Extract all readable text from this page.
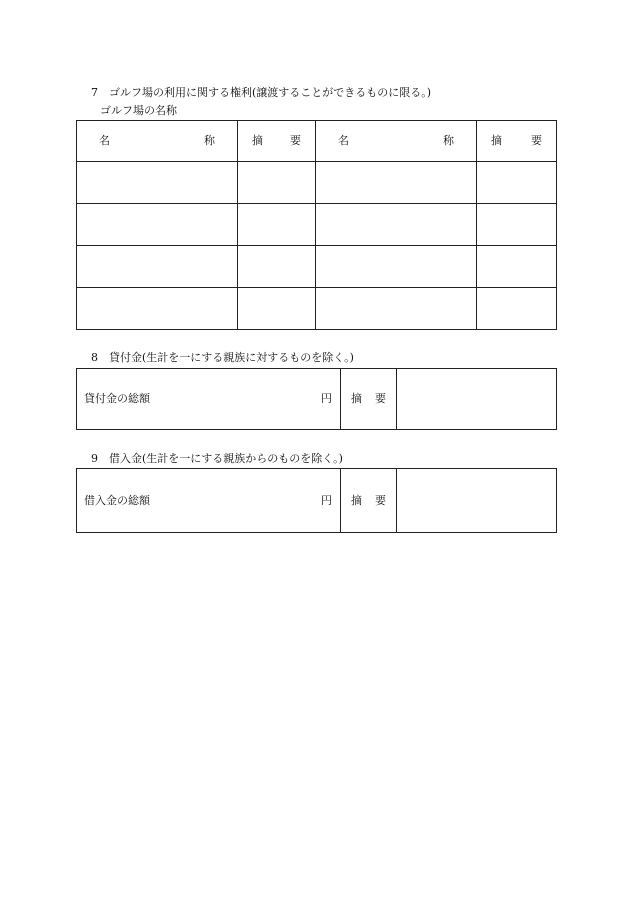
7 ゴルフ場の利用に関する権利(譲渡することができるものに限る。)
ゴルフ場の名称
名 称	摘 要	名 称	摘 要

8 貸付金(生計を一にする親族に対するものを除く。)
貸付金の総額	円	摘 要

9 借入金(生計を一にする親族からのものを除く。)
借入金の総額	円	摘 要
